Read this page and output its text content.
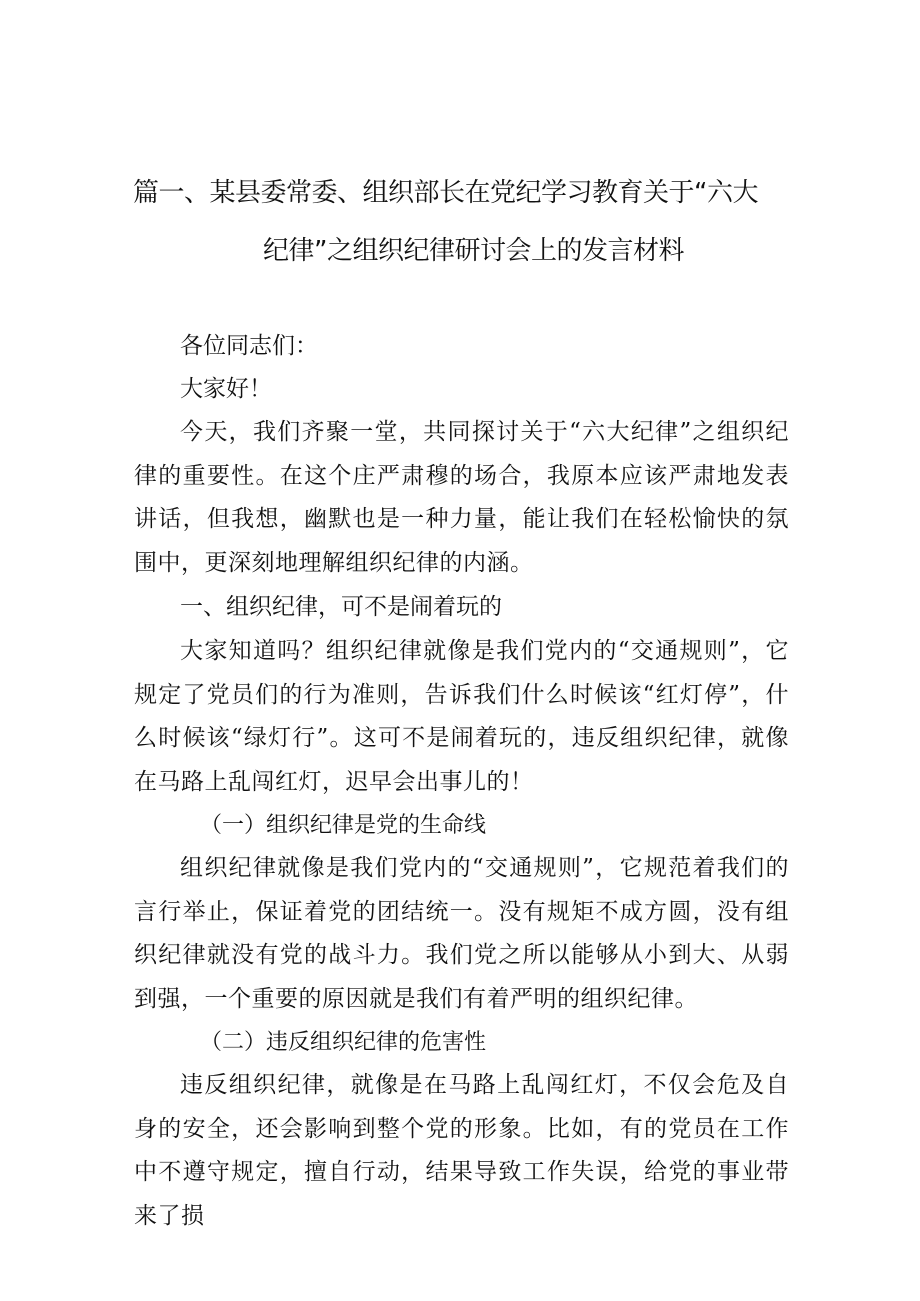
篇一、某县委常委、组织部长在党纪学习教育关于“六大
纪律”之组织纪律研讨会上的发言材料
各位同志们：
大家好！

今天，我们齐聚一堂，共同探讨关于“六大纪律”之组织纪律的重要性。在这个庄严肃穆的场合，我原本应该严肃地发表讲话，但我想，幽默也是一种力量，能让我们在轻松愉快的氛围中，更深刻地理解组织纪律的内涵。

一、组织纪律，可不是闹着玩的

大家知道吗？组织纪律就像是我们党内的“交通规则”，它规定了党员们的行为准则，告诉我们什么时候该“红灯停”，什么时候该“绿灯行”。这可不是闹着玩的，违反组织纪律，就像在马路上乱闯红灯，迟早会出事儿的！

（一）组织纪律是党的生命线

组织纪律就像是我们党内的“交通规则”，它规范着我们的言行举止，保证着党的团结统一。没有规矩不成方圆，没有组织纪律就没有党的战斗力。我们党之所以能够从小到大、从弱到强，一个重要的原因就是我们有着严明的组织纪律。

（二）违反组织纪律的危害性

违反组织纪律，就像是在马路上乱闯红灯，不仅会危及自身的安全，还会影响到整个党的形象。比如，有的党员在工作中不遵守规定，擅自行动，结果导致工作失误，给党的事业带来了损
